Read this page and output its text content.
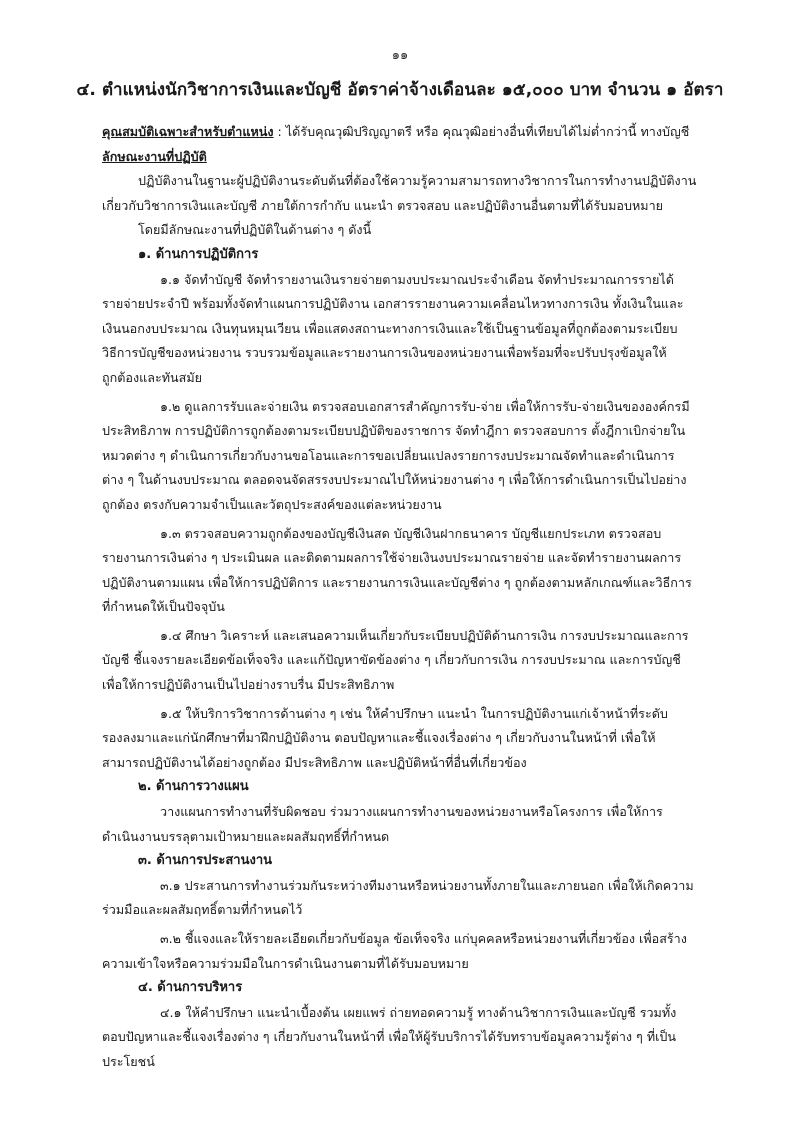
๑๑
๔. ตำแหน่งนักวิชาการเงินและบัญชี อัตราค่าจ้างเดือนละ ๑๕,๐๐๐ บาท จำนวน ๑ อัตรา
คุณสมบัติเฉพาะสำหรับตำแหน่ง : ได้รับคุณวุฒิปริญญาตรี หรือ คุณวุฒิอย่างอื่นที่เทียบได้ไม่ต่ำกว่านี้ ทางบัญชี
ลักษณะงานที่ปฏิบัติ
ปฏิบัติงานในฐานะผู้ปฏิบัติงานระดับต้นที่ต้องใช้ความรู้ความสามารถทางวิชาการในการทำงานปฏิบัติงาน
เกี่ยวกับวิชาการเงินและบัญชี ภายใต้การกำกับ แนะนำ ตรวจสอบ และปฏิบัติงานอื่นตามที่ได้รับมอบหมาย
โดยมีลักษณะงานที่ปฏิบัติในด้านต่าง ๆ ดังนี้
๑. ด้านการปฏิบัติการ
๑.๑ จัดทำบัญชี จัดทำรายงานเงินรายจ่ายตามงบประมาณประจำเดือน จัดทำประมาณการรายได้
รายจ่ายประจำปี พร้อมทั้งจัดทำแผนการปฏิบัติงาน เอกสารรายงานความเคลื่อนไหวทางการเงิน ทั้งเงินในและ
เงินนอกงบประมาณ เงินทุนหมุนเวียน เพื่อแสดงสถานะทางการเงินและใช้เป็นฐานข้อมูลที่ถูกต้องตามระเบียบ
วิธีการบัญชีของหน่วยงาน รวบรวมข้อมูลและรายงานการเงินของหน่วยงานเพื่อพร้อมที่จะปรับปรุงข้อมูลให้
ถูกต้องและทันสมัย
๑.๒ ดูแลการรับและจ่ายเงิน ตรวจสอบเอกสารสำคัญการรับ-จ่าย เพื่อให้การรับ-จ่ายเงินขององค์กรมี
ประสิทธิภาพ การปฏิบัติการถูกต้องตามระเบียบปฏิบัติของราชการ จัดทำฎีกา ตรวจสอบการ ตั้งฎีกาเบิกจ่ายใน
หมวดต่าง ๆ ดำเนินการเกี่ยวกับงานขอโอนและการขอเปลี่ยนแปลงรายการงบประมาณจัดทำและดำเนินการ
ต่าง ๆ ในด้านงบประมาณ ตลอดจนจัดสรรงบประมาณไปให้หน่วยงานต่าง ๆ เพื่อให้การดำเนินการเป็นไปอย่าง
ถูกต้อง ตรงกับความจำเป็นและวัตถุประสงค์ของแต่ละหน่วยงาน
๑.๓ ตรวจสอบความถูกต้องของบัญชีเงินสด บัญชีเงินฝากธนาคาร บัญชีแยกประเภท ตรวจสอบ
รายงานการเงินต่าง ๆ ประเมินผล และติดตามผลการใช้จ่ายเงินงบประมาณรายจ่าย และจัดทำรายงานผลการ
ปฏิบัติงานตามแผน เพื่อให้การปฏิบัติการ และรายงานการเงินและบัญชีต่าง ๆ ถูกต้องตามหลักเกณฑ์และวิธีการ
ที่กำหนดให้เป็นปัจจุบัน
๑.๔ ศึกษา วิเคราะห์ และเสนอความเห็นเกี่ยวกับระเบียบปฏิบัติด้านการเงิน การงบประมาณและการ
บัญชี ชี้แจงรายละเอียดข้อเท็จจริง และแก้ปัญหาขัดข้องต่าง ๆ เกี่ยวกับการเงิน การงบประมาณ และการบัญชี
เพื่อให้การปฏิบัติงานเป็นไปอย่างราบรื่น มีประสิทธิภาพ
๑.๕ ให้บริการวิชาการด้านต่าง ๆ เช่น ให้คำปรึกษา แนะนำ ในการปฏิบัติงานแก่เจ้าหน้าที่ระดับ
รองลงมาและแก่นักศึกษาที่มาฝึกปฏิบัติงาน ตอบปัญหาและชี้แจงเรื่องต่าง ๆ เกี่ยวกับงานในหน้าที่ เพื่อให้
สามารถปฏิบัติงานได้อย่างถูกต้อง มีประสิทธิภาพ และปฏิบัติหน้าที่อื่นที่เกี่ยวข้อง
๒. ด้านการวางแผน
วางแผนการทำงานที่รับผิดชอบ ร่วมวางแผนการทำงานของหน่วยงานหรือโครงการ เพื่อให้การ
ดำเนินงานบรรลุตามเป้าหมายและผลสัมฤทธิ์ที่กำหนด
๓. ด้านการประสานงาน
๓.๑ ประสานการทำงานร่วมกันระหว่างทีมงานหรือหน่วยงานทั้งภายในและภายนอก เพื่อให้เกิดความ
ร่วมมือและผลสัมฤทธิ์ตามที่กำหนดไว้
๓.๒ ชี้แจงและให้รายละเอียดเกี่ยวกับข้อมูล ข้อเท็จจริง แก่บุคคลหรือหน่วยงานที่เกี่ยวข้อง เพื่อสร้าง
ความเข้าใจหรือความร่วมมือในการดำเนินงานตามที่ได้รับมอบหมาย
๔. ด้านการบริหาร
๔.๑ ให้คำปรึกษา แนะนำเบื้องต้น เผยแพร่ ถ่ายทอดความรู้ ทางด้านวิชาการเงินและบัญชี รวมทั้ง
ตอบปัญหาและชี้แจงเรื่องต่าง ๆ เกี่ยวกับงานในหน้าที่ เพื่อให้ผู้รับบริการได้รับทราบข้อมูลความรู้ต่าง ๆ ที่เป็น
ประโยชน์
